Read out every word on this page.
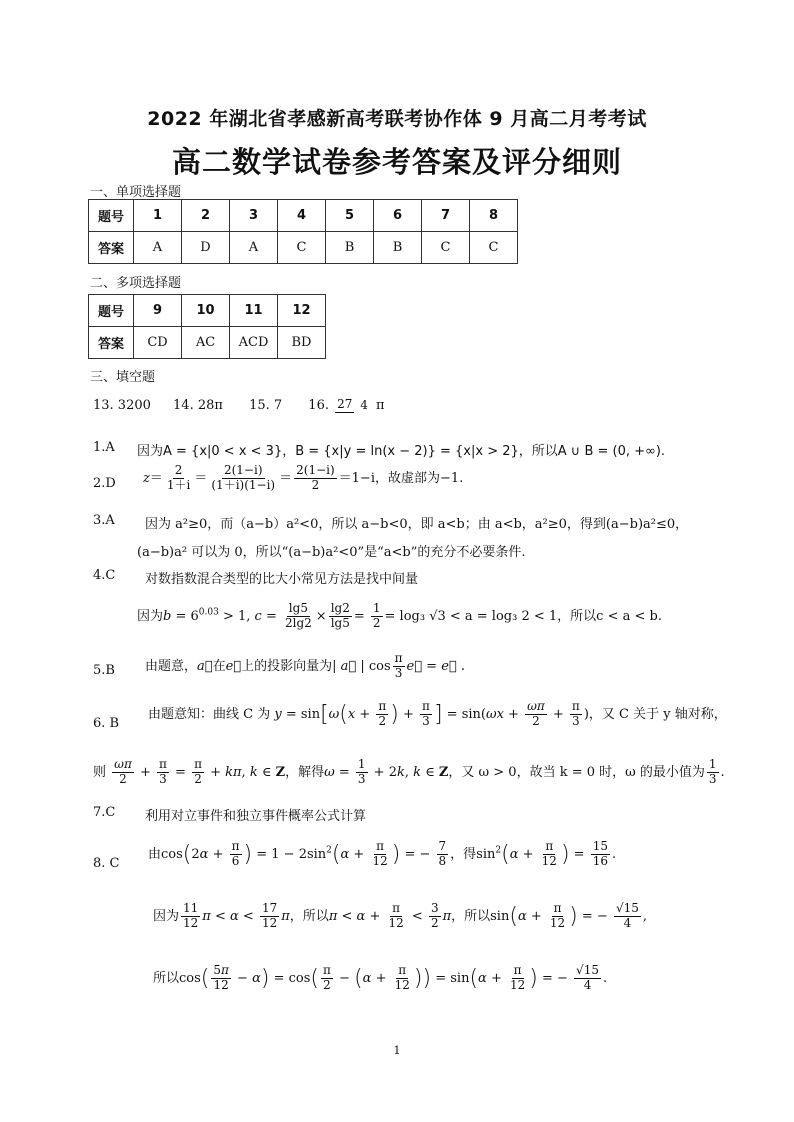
2022 年湖北省孝感新高考联考协作体 9 月高二月考考试
高二数学试卷参考答案及评分细则
一、单项选择题
题号	1	2	3	4	5	6	7	8
答案	A	D	A	C	B	B	C	C
二、多项选择题
题号	9	10	11	12
答案	CD	AC	ACD	BD
三、填空题
13. 3200 14. 28π 15. 7 16. 27 4 π
1.A 因为A = {x|0 < x < 3}，B = {x|y = ln(x − 2)} = {x|x > 2}，所以A ∪ B = (0, +∞).
2.D $z= \frac{2}{1+i} = \frac{2(1-i)}{(1+i)(1-i)} = \frac{2(1-i)}{2} =1-i$，故虚部为−1.
3.A 因为 a²≥0，而（a−b）a²<0，所以 a−b<0，即 a<b；由 a<b，a²≥0，得到(a−b)a²≤0，
(a−b)a² 可以为 0，所以“(a−b)a²<0”是“a<b”的充分不必要条件.
4.C 对数指数混合类型的比大小常见方法是找中间量
因为$b = 6^{0.03} > 1$, $c = \frac{\lg 5}{2\lg 2} \times \frac{\lg 2}{\lg 5} = \frac{1}{2} = \log_3$ √3 < a = log₃ 2 < 1，所以c < a < b.
5.B 由题意，a⃗在e⃗上的投影向量为| a⃗ | $\cos \frac{\pi}{3}$ e⃗ = e⃗ .
6. B
由题意知：曲线 C 为 $y = \sin[\omega(x + \frac{\pi}{2}$ ) + $\frac{\pi}{3}$ ] = $\sin(\omega x + \frac{\omega\pi}{2} + \frac{\pi}{3}$ )，又 C 关于 y 轴对称，
则 $\frac{\omega\pi}{2} + \frac{\pi}{3} = \frac{\pi}{2} + k\pi$, k ∈ Z，解得$\omega = \frac{1}{3} + 2k$, k ∈ Z，又 ω > 0，故当 k = 0 时，ω 的最小值为 $\frac{1}{3}$ .
7.C 利用对立事件和独立事件概率公式计算
8. C
由$\cos(2\alpha + \frac{\pi}{6}$ ) = $1 - 2\sin^2(\alpha + \frac{\pi}{12}$ ) = − $\frac{7}{8}$ ，得$\sin^2(\alpha + \frac{\pi}{12}$ ) = $\frac{15}{16}$ .
因为 $\frac{11}{12}$ $\pi < \alpha < \frac{17}{12}$ π，所以$\pi < \alpha + \frac{\pi}{12} < \frac{3}{2}$ π，所以$\sin(\alpha + \frac{\pi}{12}$ ) = − $\frac{√15}{4}$ ,
所以$\cos( \frac{5\pi}{12} - \alpha) = \cos( \frac{\pi}{2} - (\alpha + \frac{\pi}{12}$ )) = $\sin(\alpha + \frac{\pi}{12}$ ) = − $\frac{√15}{4}$ .
1
